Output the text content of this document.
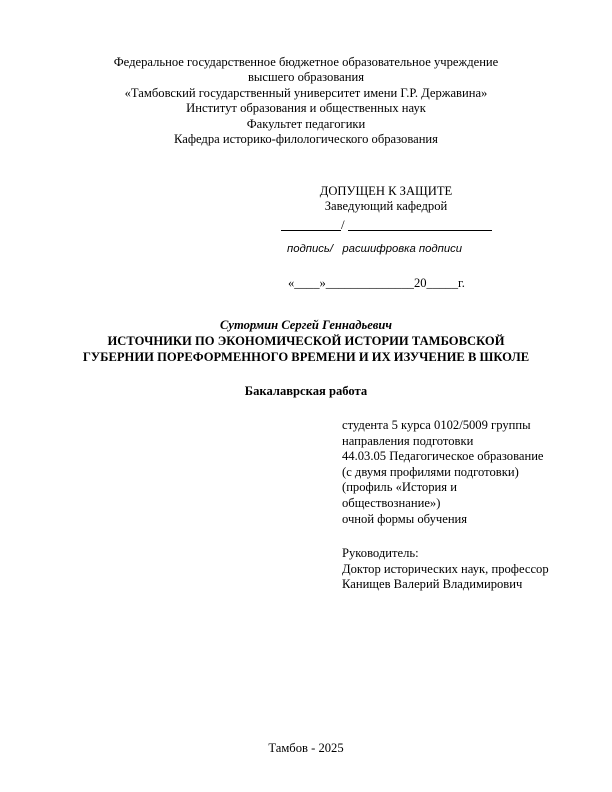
Федеральное государственное бюджетное образовательное учреждение
высшего образования
«Тамбовский государственный университет имени Г.Р. Державина»
Институт образования и общественных наук
Факультет педагогики
Кафедра историко-филологического образования
ДОПУЩЕН К ЗАЩИТЕ
Заведующий кафедрой
/
подпись/   расшифровка подписи
«____»______________20_____г.
Сутормин Сергей Геннадьевич
ИСТОЧНИКИ ПО ЭКОНОМИЧЕСКОЙ ИСТОРИИ ТАМБОВСКОЙ
ГУБЕРНИИ ПОРЕФОРМЕННОГО ВРЕМЕНИ И ИХ ИЗУЧЕНИЕ В ШКОЛЕ
Бакалаврская работа
студента 5 курса 0102/5009 группы
направления подготовки
44.03.05 Педагогическое образование
(с двумя профилями подготовки)
(профиль «История и
обществознание»)
очной формы обучения
Руководитель:
Доктор исторических наук, профессор
Канищев Валерий Владимирович
Тамбов - 2025
